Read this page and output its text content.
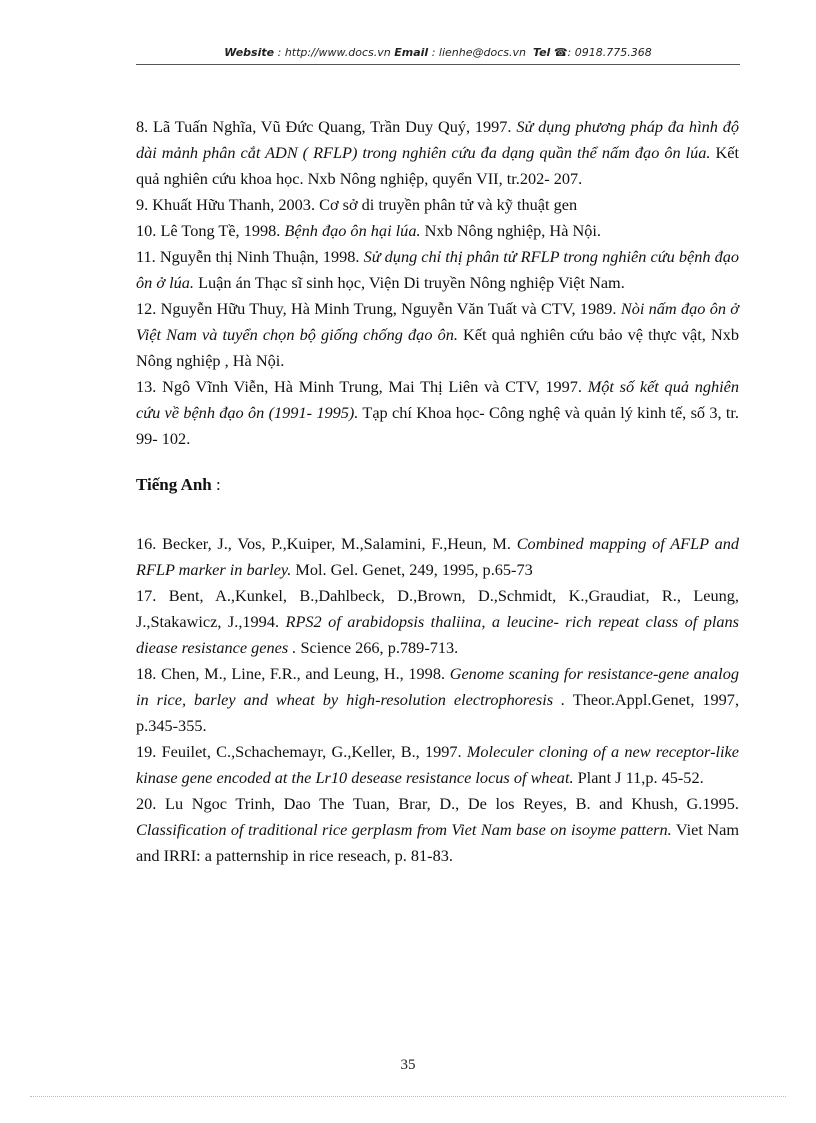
Website : http://www.docs.vn Email : lienhe@docs.vn Tel ☎: 0918.775.368

8. Lã Tuấn Nghĩa, Vũ Đức Quang, Trần Duy Quý, 1997. Sử dụng phương pháp đa hình độ dài mảnh phân cắt ADN ( RFLP) trong nghiên cứu đa dạng quần thể nấm đạo ôn lúa. Kết quả nghiên cứu khoa học. Nxb Nông nghiệp, quyển VII, tr.202- 207.

9. Khuất Hữu Thanh, 2003. Cơ sở di truyền phân tử và kỹ thuật gen

10. Lê Tong Tề, 1998. Bệnh đạo ôn hại lúa. Nxb Nông nghiệp, Hà Nội.

11. Nguyễn thị Ninh Thuận, 1998. Sử dụng chỉ thị phân tử RFLP trong nghiên cứu bệnh đạo ôn ở lúa. Luận án Thạc sĩ sinh học, Viện Di truyền Nông nghiệp Việt Nam.

12. Nguyễn Hữu Thuy, Hà Minh Trung, Nguyễn Văn Tuất và CTV, 1989. Nòi nấm đạo ôn ở Việt Nam và tuyển chọn bộ giống chống đạo ôn. Kết quả nghiên cứu bảo vệ thực vật, Nxb Nông nghiệp , Hà Nội.

13. Ngô Vĩnh Viễn, Hà Minh Trung, Mai Thị Liên và CTV, 1997. Một số kết quả nghiên cứu về bệnh đạo ôn (1991- 1995). Tạp chí Khoa học- Công nghệ và quản lý kinh tế, số 3, tr. 99- 102.

Tiếng Anh :

16. Becker, J., Vos, P.,Kuiper, M.,Salamini, F.,Heun, M. Combined mapping of AFLP and RFLP marker in barley. Mol. Gel. Genet, 249, 1995, p.65-73

17. Bent, A.,Kunkel, B.,Dahlbeck, D.,Brown, D.,Schmidt, K.,Graudiat, R., Leung, J.,Stakawicz, J.,1994. RPS2 of arabidopsis thaliina, a leucine- rich repeat class of plans diease resistance genes . Science 266, p.789-713.

18. Chen, M., Line, F.R., and Leung, H., 1998. Genome scaning for resistance-gene analog in rice, barley and wheat by high-resolution electrophoresis . Theor.Appl.Genet, 1997, p.345-355.

19. Feuilet, C.,Schachemayr, G.,Keller, B., 1997. Moleculer cloning of a new receptor-like kinase gene encoded at the Lr10 desease resistance locus of wheat. Plant J 11,p. 45-52.

20. Lu Ngoc Trinh, Dao The Tuan, Brar, D., De los Reyes, B. and Khush, G.1995. Classification of traditional rice gerplasm from Viet Nam base on isoyme pattern. Viet Nam and IRRI: a patternship in rice reseach, p. 81-83.

35
